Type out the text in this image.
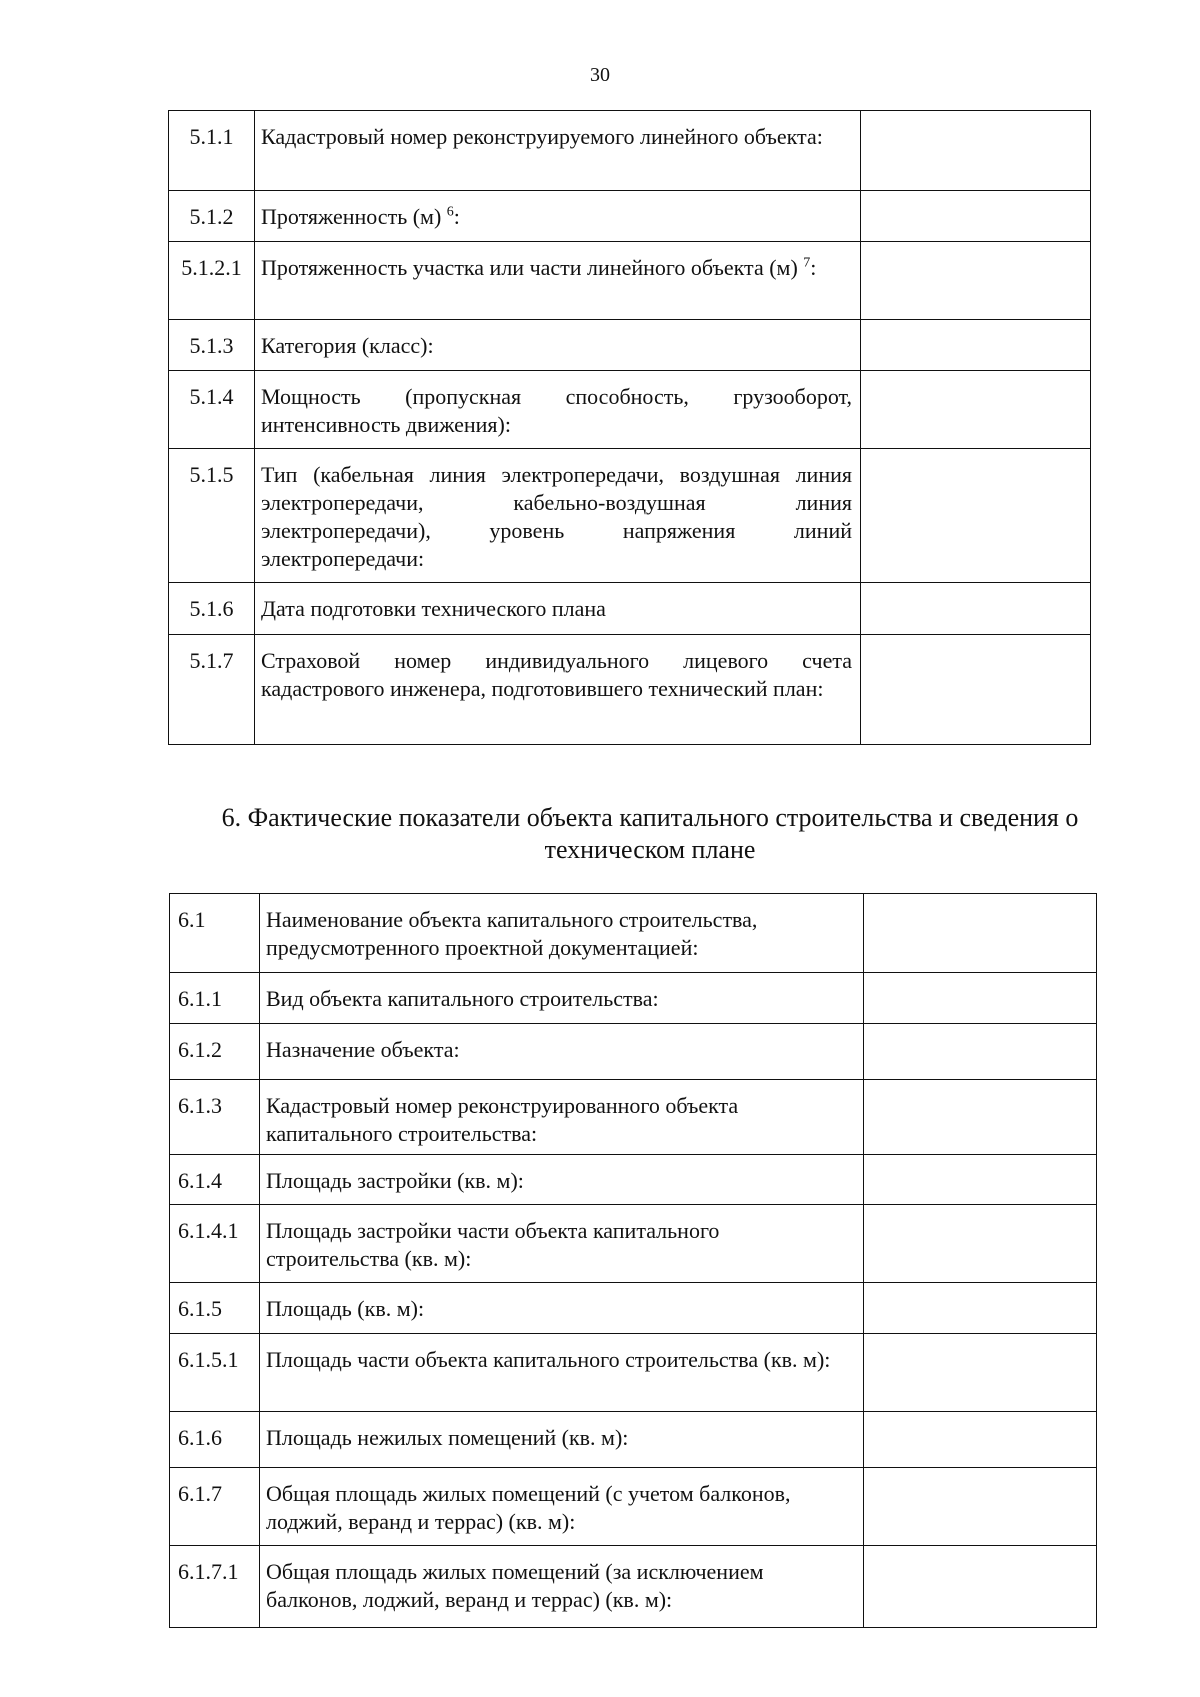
30
5.1.1	Кадастровый номер реконструируемого линейного объекта:	
5.1.2	Протяженность (м) $^6$:	
5.1.2.1	Протяженность участка или части линейного объекта (м) $^7$:	
5.1.3	Категория (класс):	
5.1.4	Мощность (пропускная способность, грузооборот, интенсивность движения):	
5.1.5	Тип (кабельная линия электропередачи, воздушная линия электропередачи, кабельно-воздушная линия электропередачи), уровень напряжения линий электропередачи:	
5.1.6	Дата подготовки технического плана	
5.1.7	Страховой номер индивидуального лицевого счета кадастрового инженера, подготовившего технический план:	
6. Фактические показатели объекта капитального строительства и сведения о техническом плане
6.1	Наименование объекта капитального строительства, предусмотренного проектной документацией:	
6.1.1	Вид объекта капитального строительства:	
6.1.2	Назначение объекта:	
6.1.3	Кадастровый номер реконструированного объекта капитального строительства:	
6.1.4	Площадь застройки (кв. м):	
6.1.4.1	Площадь застройки части объекта капитального строительства (кв. м):	
6.1.5	Площадь (кв. м):	
6.1.5.1	Площадь части объекта капитального строительства (кв. м):	
6.1.6	Площадь нежилых помещений (кв. м):	
6.1.7	Общая площадь жилых помещений (с учетом балконов, лоджий, веранд и террас) (кв. м):	
6.1.7.1	Общая площадь жилых помещений (за исключением балконов, лоджий, веранд и террас) (кв. м):	
